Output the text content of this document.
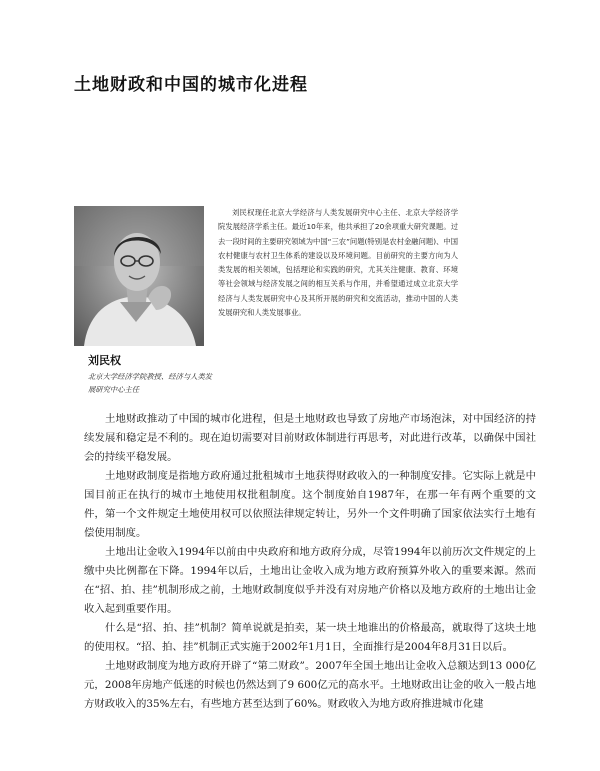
土地财政和中国的城市化进程

刘民权现任北京大学经济与人类发展研究中心主任、北京大学经济学院发展经济学系主任。最近10年来，他共承担了20余项重大研究课题。过去一段时间的主要研究领域为中国“三农”问题(特别是农村金融问题)、中国农村健康与农村卫生体系的建设以及环境问题。目前研究的主要方向为人类发展的相关领域，包括理论和实践的研究，尤其关注健康、教育、环境等社会领域与经济发展之间的相互关系与作用，并希望通过成立北京大学经济与人类发展研究中心及其所开展的研究和交流活动，推动中国的人类发展研究和人类发展事业。

刘民权
北京大学经济学院教授、经济与人类发展研究中心主任

土地财政推动了中国的城市化进程，但是土地财政也导致了房地产市场泡沫，对中国经济的持续发展和稳定是不利的。现在迫切需要对目前财政体制进行再思考，对此进行改革，以确保中国社会的持续平稳发展。

土地财政制度是指地方政府通过批租城市土地获得财政收入的一种制度安排。它实际上就是中国目前正在执行的城市土地使用权批租制度。这个制度始自1987年，在那一年有两个重要的文件，第一个文件规定土地使用权可以依照法律规定转让，另外一个文件明确了国家依法实行土地有偿使用制度。

土地出让金收入1994年以前由中央政府和地方政府分成，尽管1994年以前历次文件规定的上缴中央比例都在下降。1994年以后，土地出让金收入成为地方政府预算外收入的重要来源。然而在“招、拍、挂”机制形成之前，土地财政制度似乎并没有对房地产价格以及地方政府的土地出让金收入起到重要作用。

什么是“招、拍、挂”机制？简单说就是拍卖，某一块土地谁出的价格最高，就取得了这块土地的使用权。“招、拍、挂”机制正式实施于2002年1月1日，全面推行是2004年8月31日以后。

土地财政制度为地方政府开辟了“第二财政”。2007年全国土地出让金收入总额达到13 000亿元，2008年房地产低迷的时候也仍然达到了9 600亿元的高水平。土地财政出让金的收入一般占地方财政收入的35%左右，有些地方甚至达到了60%。财政收入为地方政府推进城市化建
